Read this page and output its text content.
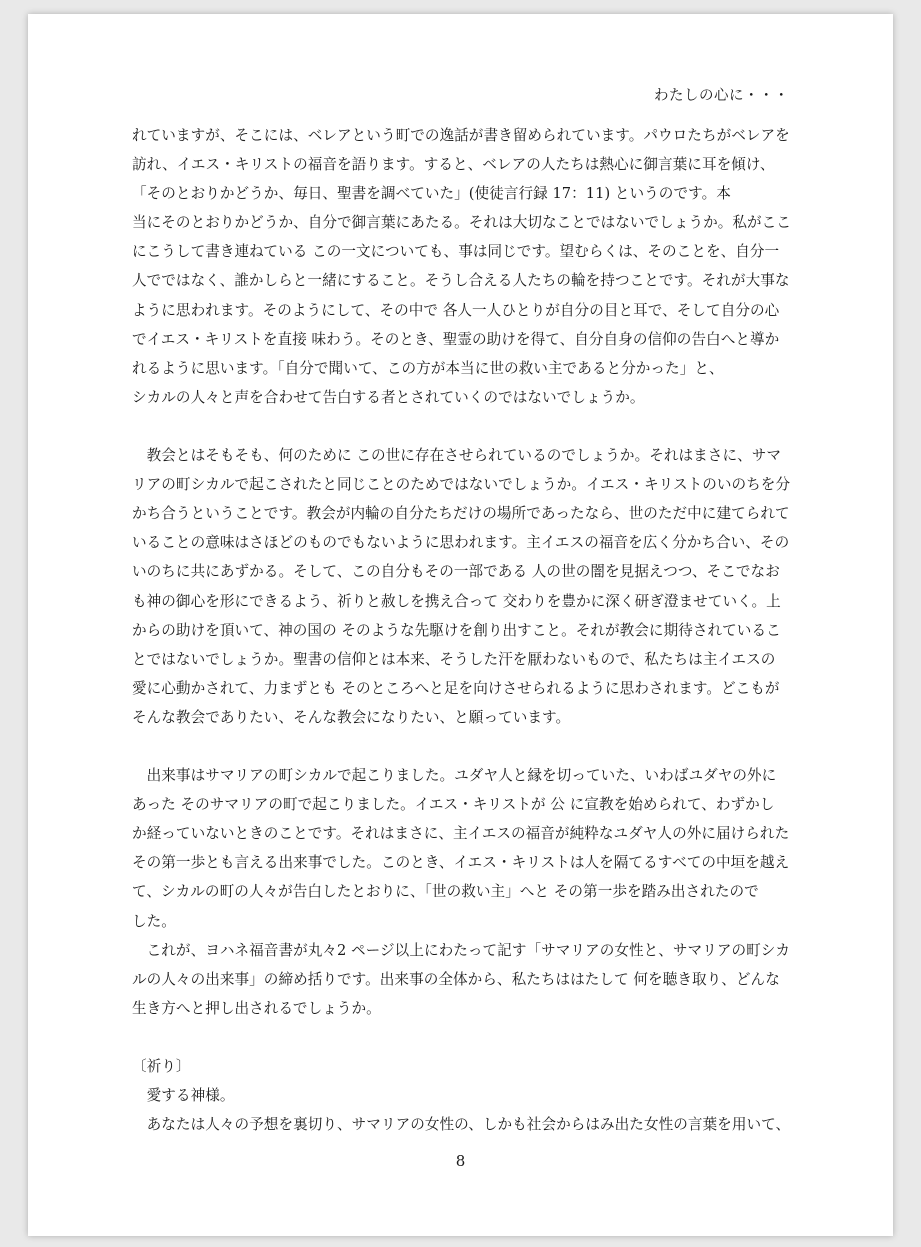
わたしの心に・・・
れていますが、そこには、ベレアという町での逸話が書き留められています。パウロたちがベレアを
訪れ、イエス・キリストの福音を語ります。すると、ベレアの人たちは熱心に御言葉に耳を傾け、
「そのとおりかどうか、毎日、聖書を調べていた」(使徒言行録 17：11) というのです。本
当にそのとおりかどうか、自分で御言葉にあたる。それは大切なことではないでしょうか。私がここ
にこうして書き連ねている この一文についても、事は同じです。望むらくは、そのことを、自分一
人でではなく、誰かしらと一緒にすること。そうし合える人たちの輪を持つことです。それが大事な
ように思われます。そのようにして、その中で 各人一人ひとりが自分の目と耳で、そして自分の心
でイエス・キリストを直接 味わう。そのとき、聖霊の助けを得て、自分自身の信仰の告白へと導か
れるように思います。「自分で聞いて、この方が本当に世の救い主であると分かった」と、
シカルの人々と声を合わせて告白する者とされていくのではないでしょうか。
　教会とはそもそも、何のために この世に存在させられているのでしょうか。それはまさに、サマ
リアの町シカルで起こされたと同じことのためではないでしょうか。イエス・キリストのいのちを分
かち合うということです。教会が内輪の自分たちだけの場所であったなら、世のただ中に建てられて
いることの意味はさほどのものでもないように思われます。主イエスの福音を広く分かち合い、その
いのちに共にあずかる。そして、この自分もその一部である 人の世の闇を見据えつつ、そこでなお
も神の御心を形にできるよう、祈りと赦しを携え合って 交わりを豊かに深く研ぎ澄ませていく。上
からの助けを頂いて、神の国の そのような先駆けを創り出すこと。それが教会に期待されているこ
とではないでしょうか。聖書の信仰とは本来、そうした汗を厭わないもので、私たちは主イエスの
愛に心動かされて、力まずとも そのところへと足を向けさせられるように思わされます。どこもが
そんな教会でありたい、そんな教会になりたい、と願っています。
　出来事はサマリアの町シカルで起こりました。ユダヤ人と縁を切っていた、いわばユダヤの外に
あった そのサマリアの町で起こりました。イエス・キリストが 公 に宣教を始められて、わずかし
か経っていないときのことです。それはまさに、主イエスの福音が純粋なユダヤ人の外に届けられた
その第一歩とも言える出来事でした。このとき、イエス・キリストは人を隔てるすべての中垣を越え
て、シカルの町の人々が告白したとおりに、「世の救い主」へと その第一歩を踏み出されたので
した。
　これが、ヨハネ福音書が丸々2 ページ以上にわたって記す「サマリアの女性と、サマリアの町シカ
ルの人々の出来事」の締め括りです。出来事の全体から、私たちははたして 何を聴き取り、どんな
生き方へと押し出されるでしょうか。
〔祈り〕
　愛する神様。
　あなたは人々の予想を裏切り、サマリアの女性の、しかも社会からはみ出た女性の言葉を用いて、
8
